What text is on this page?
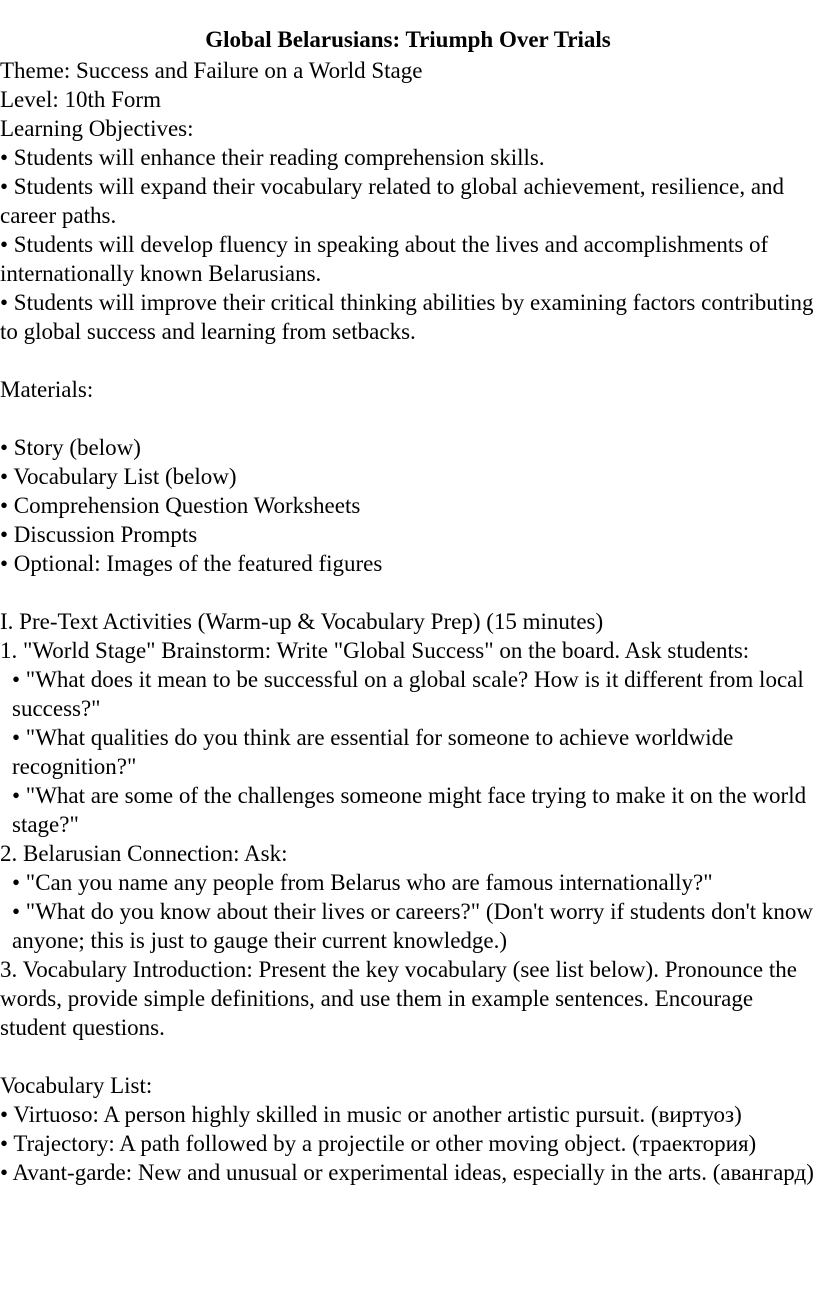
Global Belarusians: Triumph Over Trials

Theme: Success and Failure on a World Stage

Level: 10th Form

Learning Objectives:

• Students will enhance their reading comprehension skills.

• Students will expand their vocabulary related to global achievement, resilience, and career paths.

• Students will develop fluency in speaking about the lives and accomplishments of internationally known Belarusians.

• Students will improve their critical thinking abilities by examining factors contributing to global success and learning from setbacks.

Materials:

• Story (below)

• Vocabulary List (below)

• Comprehension Question Worksheets

• Discussion Prompts

• Optional: Images of the featured figures

I. Pre-Text Activities (Warm-up & Vocabulary Prep) (15 minutes)

1. "World Stage" Brainstorm: Write "Global Success" on the board. Ask students:

• "What does it mean to be successful on a global scale? How is it different from local success?"

• "What qualities do you think are essential for someone to achieve worldwide recognition?"

• "What are some of the challenges someone might face trying to make it on the world stage?"

2. Belarusian Connection: Ask:

• "Can you name any people from Belarus who are famous internationally?"

• "What do you know about their lives or careers?" (Don't worry if students don't know anyone; this is just to gauge their current knowledge.)

3. Vocabulary Introduction: Present the key vocabulary (see list below). Pronounce the words, provide simple definitions, and use them in example sentences. Encourage student questions.

Vocabulary List:

• Virtuoso: A person highly skilled in music or another artistic pursuit. (виртуоз)

• Trajectory: A path followed by a projectile or other moving object. (траектория)

• Avant-garde: New and unusual or experimental ideas, especially in the arts. (авангард)
